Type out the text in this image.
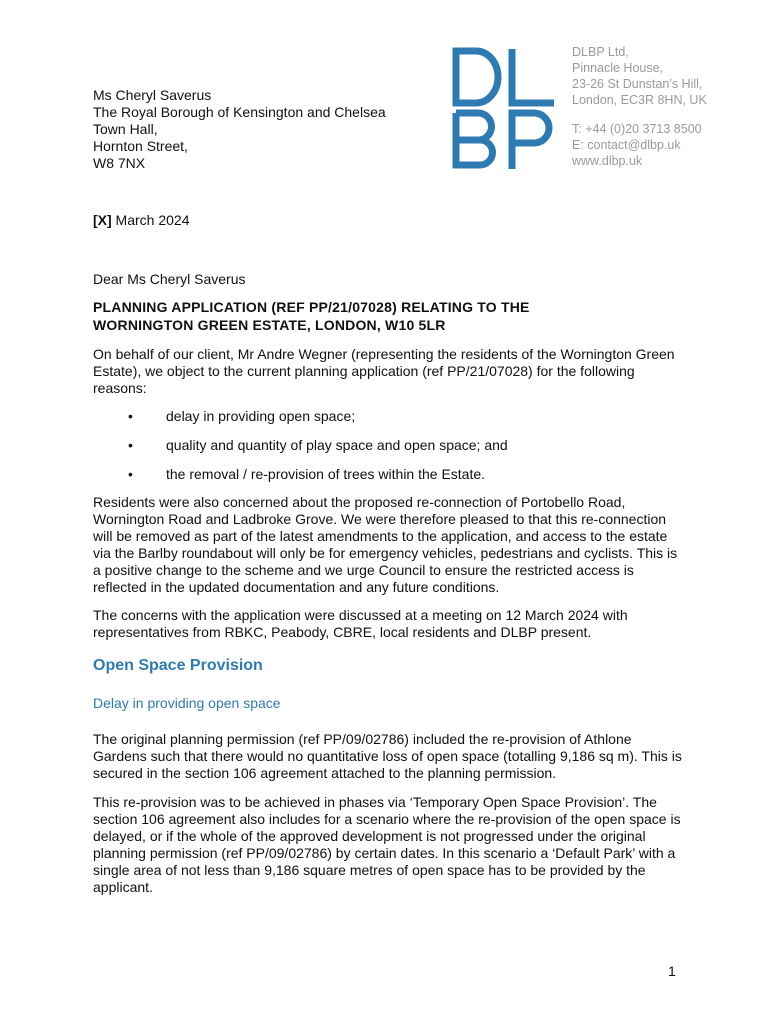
Ms Cheryl Saverus
The Royal Borough of Kensington and Chelsea
Town Hall,
Hornton Street,
W8 7NX
DLBP Ltd,
Pinnacle House,
23-26 St Dunstan’s Hill,
London, EC3R 8HN, UK
T: +44 (0)20 3713 8500
E: contact@dlbp.uk
www.dlbp.uk
[X] March 2024
Dear Ms Cheryl Saverus
PLANNING APPLICATION (REF PP/21/07028) RELATING TO THE
WORNINGTON GREEN ESTATE, LONDON, W10 5LR
On behalf of our client, Mr Andre Wegner (representing the residents of the Wornington Green Estate), we object to the current planning application (ref PP/21/07028) for the following reasons:
• delay in providing open space;
• quality and quantity of play space and open space; and
• the removal / re-provision of trees within the Estate.
Residents were also concerned about the proposed re-connection of Portobello Road, Wornington Road and Ladbroke Grove. We were therefore pleased to that this re-connection will be removed as part of the latest amendments to the application, and access to the estate via the Barlby roundabout will only be for emergency vehicles, pedestrians and cyclists. This is a positive change to the scheme and we urge Council to ensure the restricted access is reflected in the updated documentation and any future conditions.
The concerns with the application were discussed at a meeting on 12 March 2024 with representatives from RBKC, Peabody, CBRE, local residents and DLBP present.
Open Space Provision
Delay in providing open space
The original planning permission (ref PP/09/02786) included the re-provision of Athlone Gardens such that there would no quantitative loss of open space (totalling 9,186 sq m). This is secured in the section 106 agreement attached to the planning permission.
This re-provision was to be achieved in phases via ‘Temporary Open Space Provision’. The section 106 agreement also includes for a scenario where the re-provision of the open space is delayed, or if the whole of the approved development is not progressed under the original planning permission (ref PP/09/02786) by certain dates. In this scenario a ‘Default Park’ with a single area of not less than 9,186 square metres of open space has to be provided by the applicant.
1
